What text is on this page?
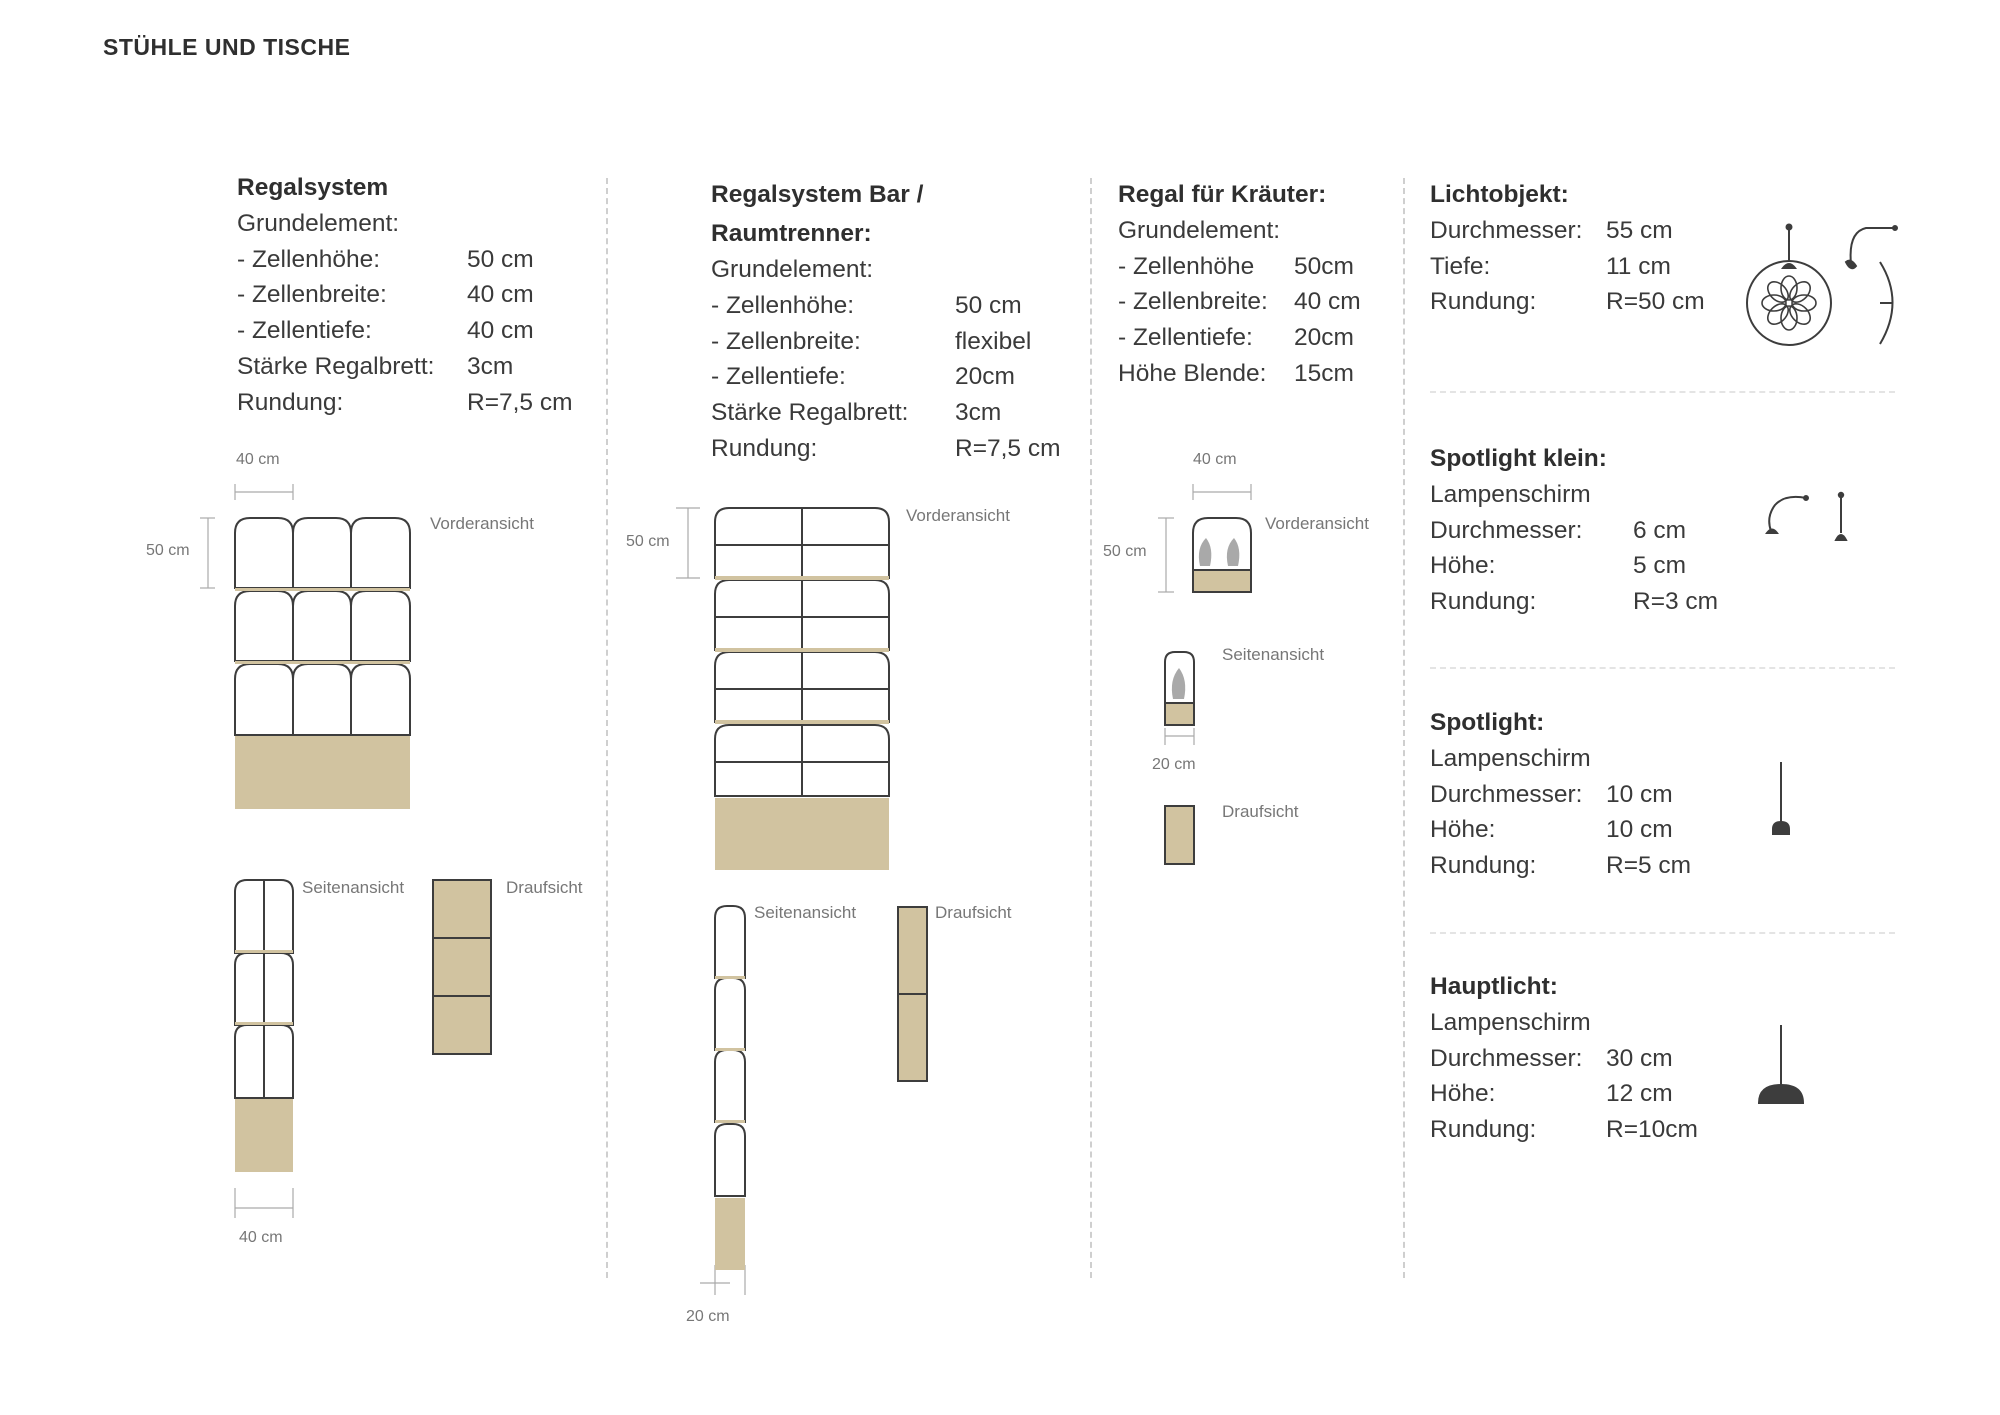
STÜHLE UND TISCHE
Regalsystem
Grundelement:
- Zellenhöhe:	50 cm
- Zellenbreite:	40 cm
- Zellentiefe:	40 cm
Stärke Regalbrett:	3cm
Rundung:	R=7,5 cm
Regalsystem Bar /
Raumtrenner:
Grundelement:
- Zellenhöhe:	50 cm
- Zellenbreite:	flexibel
- Zellentiefe:	20cm
Stärke Regalbrett:	3cm
Rundung:	R=7,5 cm
Regal für Kräuter:
Grundelement:
- Zellenhöhe	50cm
- Zellenbreite:	40 cm
- Zellentiefe:	20cm
Höhe Blende:	15cm
Lichtobjekt:
Durchmesser: 55 cm
Tiefe:	11 cm
Rundung:	R=50 cm
Spotlight klein:
Lampenschirm
Durchmesser:	6 cm
Höhe:	5 cm
Rundung:	R=3 cm
Spotlight:
Lampenschirm
Durchmesser: 10 cm
Höhe:	10 cm
Rundung:	R=5 cm
Hauptlicht:
Lampenschirm
Durchmesser: 30 cm
Höhe:	12 cm
Rundung:	R=10cm
40 cm
50 cm
Vorderansicht
Seitenansicht	Draufsicht
40 cm
50 cm
Vorderansicht
Seitenansicht	Draufsicht
20 cm
40 cm
50 cm
Vorderansicht
Seitenansicht
20 cm
Draufsicht
